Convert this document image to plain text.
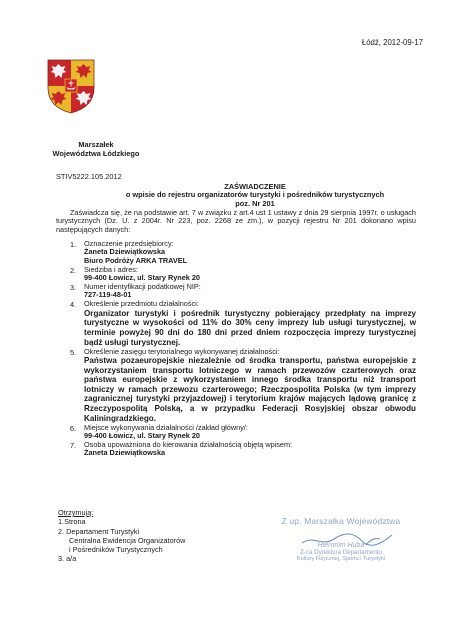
Łódź, 2012-09-17
Marszałek
Województwa Łódzkiego
STIV5222.105.2012
ZAŚWIADCZENIE
o wpisie do rejestru organizatorów turystyki i pośredników turystycznych
poz. Nr 201
Zaświadcza się, że na podstawie art. 7 w związku z art.4 ust 1 ustawy z dnia 29 sierpnia 1997r. o usługach turystycznych (Dz. U. z 2004r. Nr 223, poz. 2268 ze zm.), w pozycji rejestru Nr 201 dokonano wpisu następujących danych:
1. Oznaczenie przedsiębiorcy:
Żaneta Dziewiątkowska
Biuro Podróży ARKA TRAVEL
2. Siedziba i adres:
99-400 Łowicz, ul. Stary Rynek 20
3. Numer identyfikacji podatkowej NIP:
727-119-48-01
4. Określenie przedmiotu działalności:
Organizator turystyki i pośrednik turystyczny pobierający przedpłaty na imprezy turystyczne w wysokości od 11% do 30% ceny imprezy lub usługi turystycznej, w terminie powyżej 90 dni do 180 dni przed dniem rozpoczęcia imprezy turystycznej bądź usługi turystycznej.
5. Określenie zasięgu terytorialnego wykonywanej działalności:
Państwa pozaeuropejskie niezależnie od środka transportu, państwa europejskie z wykorzystaniem transportu lotniczego w ramach przewozów czarterowych oraz państwa europejskie z wykorzystaniem innego środka transportu niż transport lotniczy w ramach przewozu czarterowego; Rzeczpospolita Polska (w tym imprezy zagranicznej turystyki przyjazdowej) i terytorium krajów mających lądową granicę z Rzeczypospolitą Polską, a w przypadku Federacji Rosyjskiej obszar obwodu Kaliningradzkiego.
6. Miejsce wykonywania działalności /zakład główny/:
99-400 Łowicz, ul. Stary Rynek 20
7. Osoba upoważniona do kierowania działalnością objętą wpisem:
Żaneta Dziewiątkowska
Otrzymują:
1.Strona
2. Departament Turystyki
Centralna Ewidencja Organizatorów
i Pośredników Turystycznych
3. a/a
Z up. Marszałka Województwa
Hieronim Huba
Z-ca Dyrektora Departamentu
Kultury Fizycznej, Sportu i Turystyki
